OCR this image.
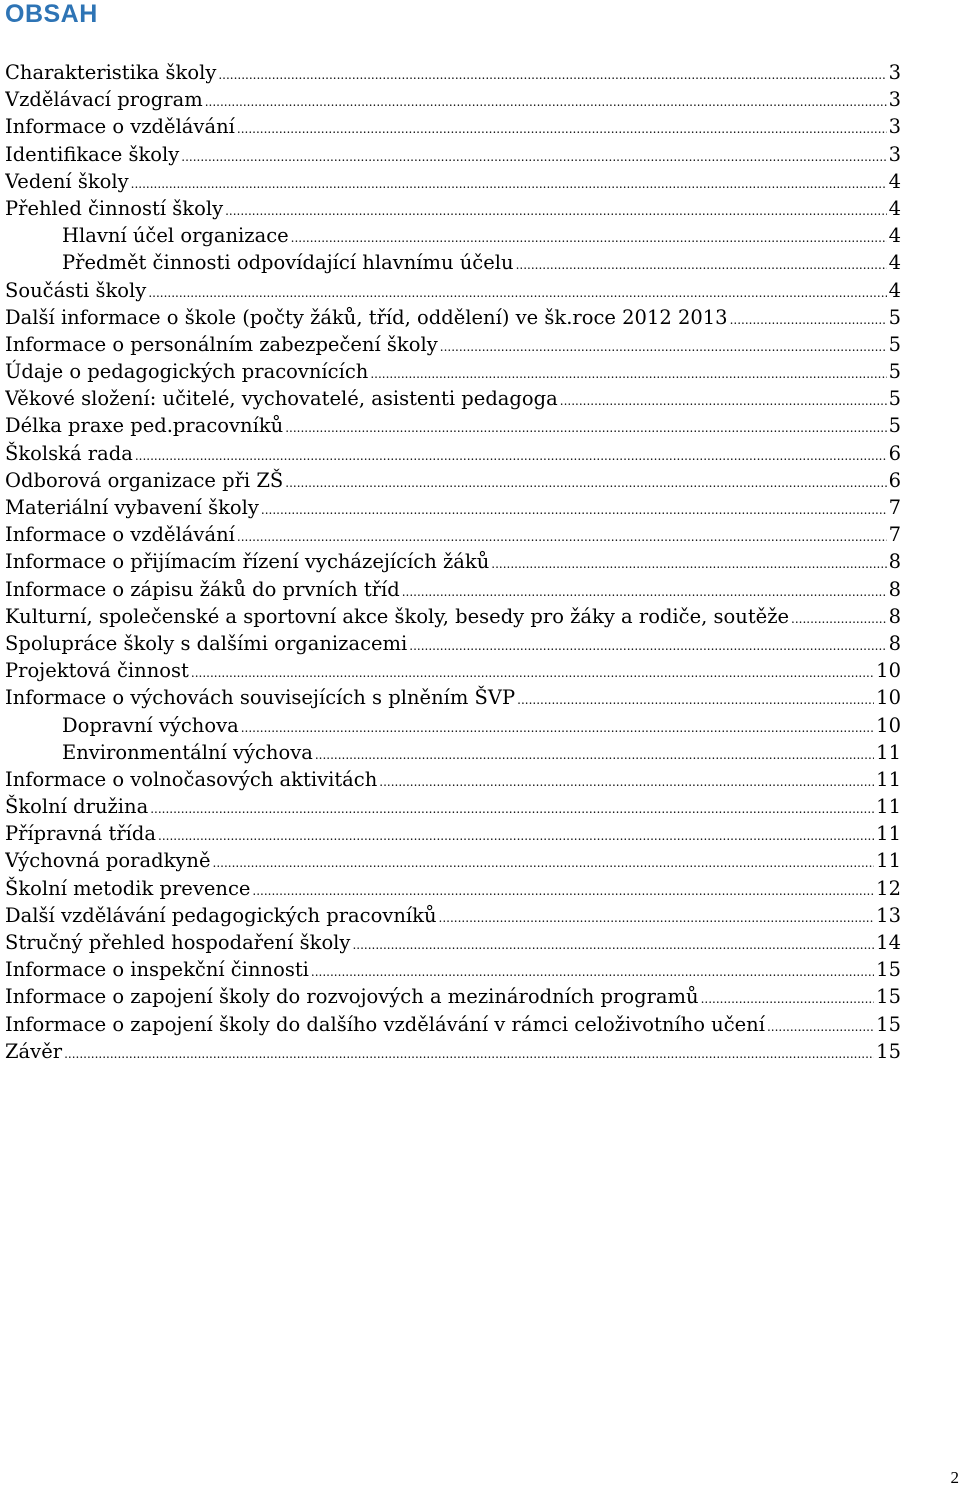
OBSAH
Charakteristika školy .....	3
Vzdělávací program .....	3
Informace o vzdělávání .....	3
Identifikace školy .....	3
Vedení školy .....	4
Přehled činností školy .....	4
Hlavní účel organizace .....	4
Předmět činnosti odpovídající hlavnímu účelu .....	4
Součásti školy .....	4
Další informace o škole (počty žáků, tříd, oddělení) ve šk.roce 2012 2013 .....	5
Informace o personálním zabezpečení školy .....	5
Údaje o pedagogických pracovnících .....	5
Věkové složení: učitelé, vychovatelé, asistenti pedagoga .....	5
Délka praxe ped.pracovníků .....	5
Školská rada .....	6
Odborová organizace při ZŠ .....	6
Materiální vybavení školy .....	7
Informace o vzdělávání .....	7
Informace o přijímacím řízení vycházejících žáků .....	8
Informace o zápisu žáků do prvních tříd .....	8
Kulturní, společenské a sportovní akce školy, besedy pro žáky a rodiče, soutěže .....	8
Spolupráce školy s dalšími organizacemi .....	8
Projektová činnost .....	10
Informace o výchovách souvisejících s plněním ŠVP .....	10
Dopravní výchova .....	10
Environmentální výchova .....	11
Informace o volnočasových aktivitách .....	11
Školní družina .....	11
Přípravná třída .....	11
Výchovná poradkyně .....	11
Školní metodik prevence .....	12
Další vzdělávání pedagogických pracovníků .....	13
Stručný přehled hospodaření školy .....	14
Informace o inspekční činnosti .....	15
Informace o zapojení školy do rozvojových a mezinárodních programů .....	15
Informace o zapojení školy do dalšího vzdělávání v rámci celoživotního učení .....	15
Závěr .....	15
2
